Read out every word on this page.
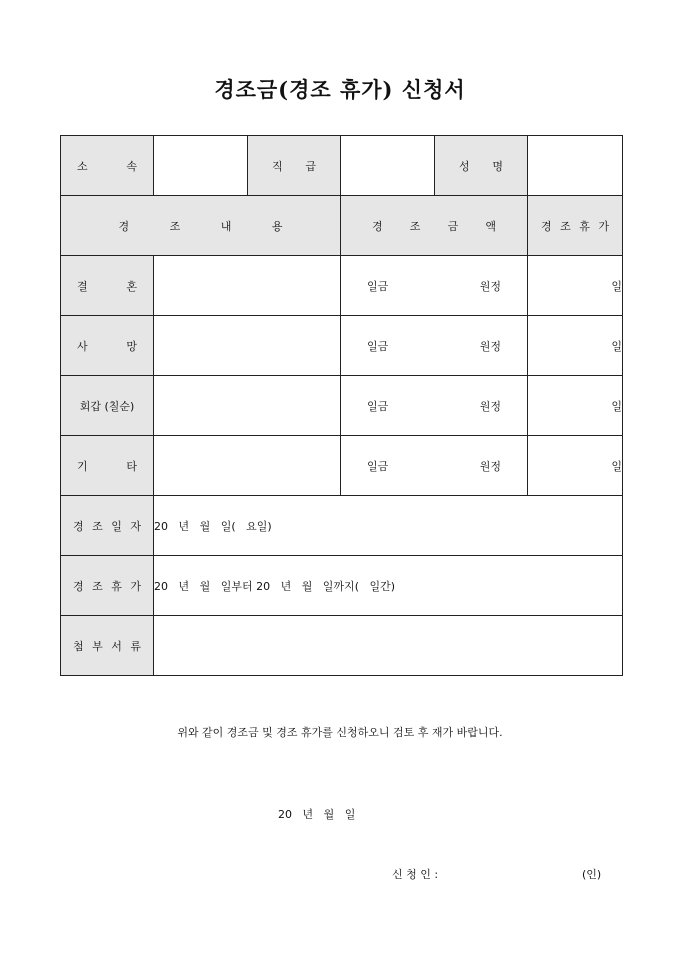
경조금(경조 휴가) 신청서
소 속		직 급		성 명	

경 조 내 용			경 조 금 액		경 조 휴 가

결 혼			일금 원정		일

사 망			일금 원정		일
회갑 (칠순)			일금 원정		일

기 타			일금 원정		일

경 조 일 자	20   년   월   일(   요일)				

경 조 휴 가	20   년   월   일부터 20   년   월   일까지(   일간)				

첨 부 서 류					

위와 같이 경조금 및 경조 휴가를 신청하오니 검토 후 재가 바랍니다.
20   년   월   일
신 청 인 :	(인)
